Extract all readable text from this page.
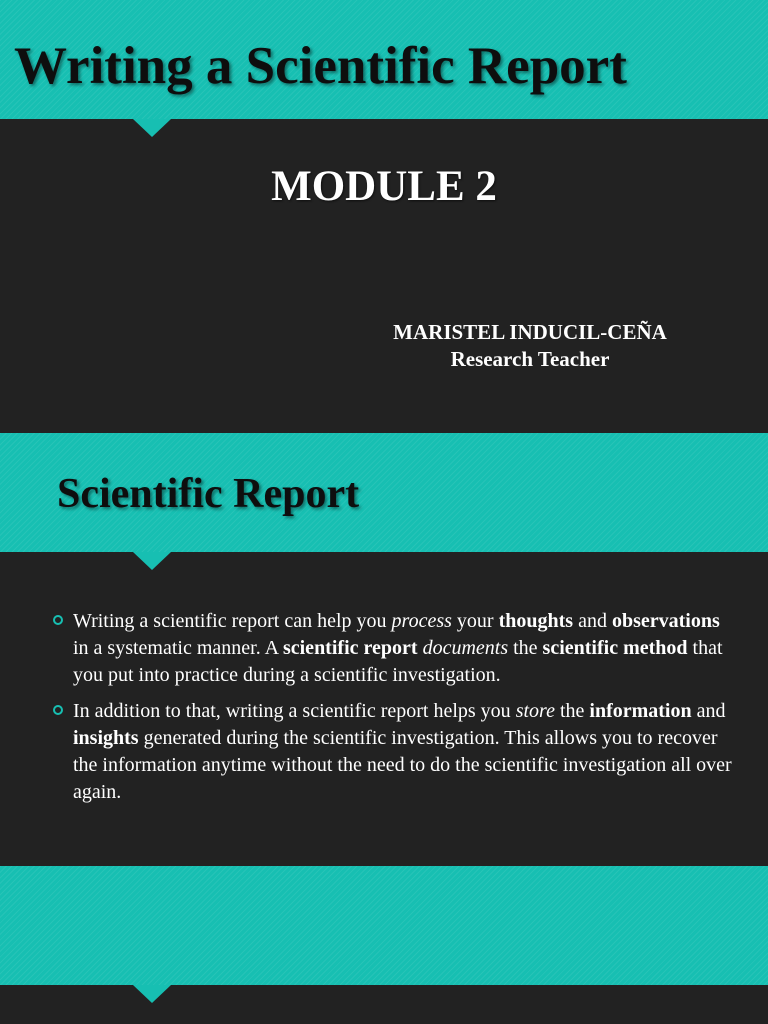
Writing a Scientific Report
MODULE 2
MARISTEL INDUCIL-CEÑA
Research Teacher
Scientific Report
Writing a scientific report can help you process your thoughts and observations in a systematic manner. A scientific report documents the scientific method that you put into practice during a scientific investigation.
In addition to that, writing a scientific report helps you store the information and insights generated during the scientific investigation. This allows you to recover the information anytime without the need to do the scientific investigation all over again.
